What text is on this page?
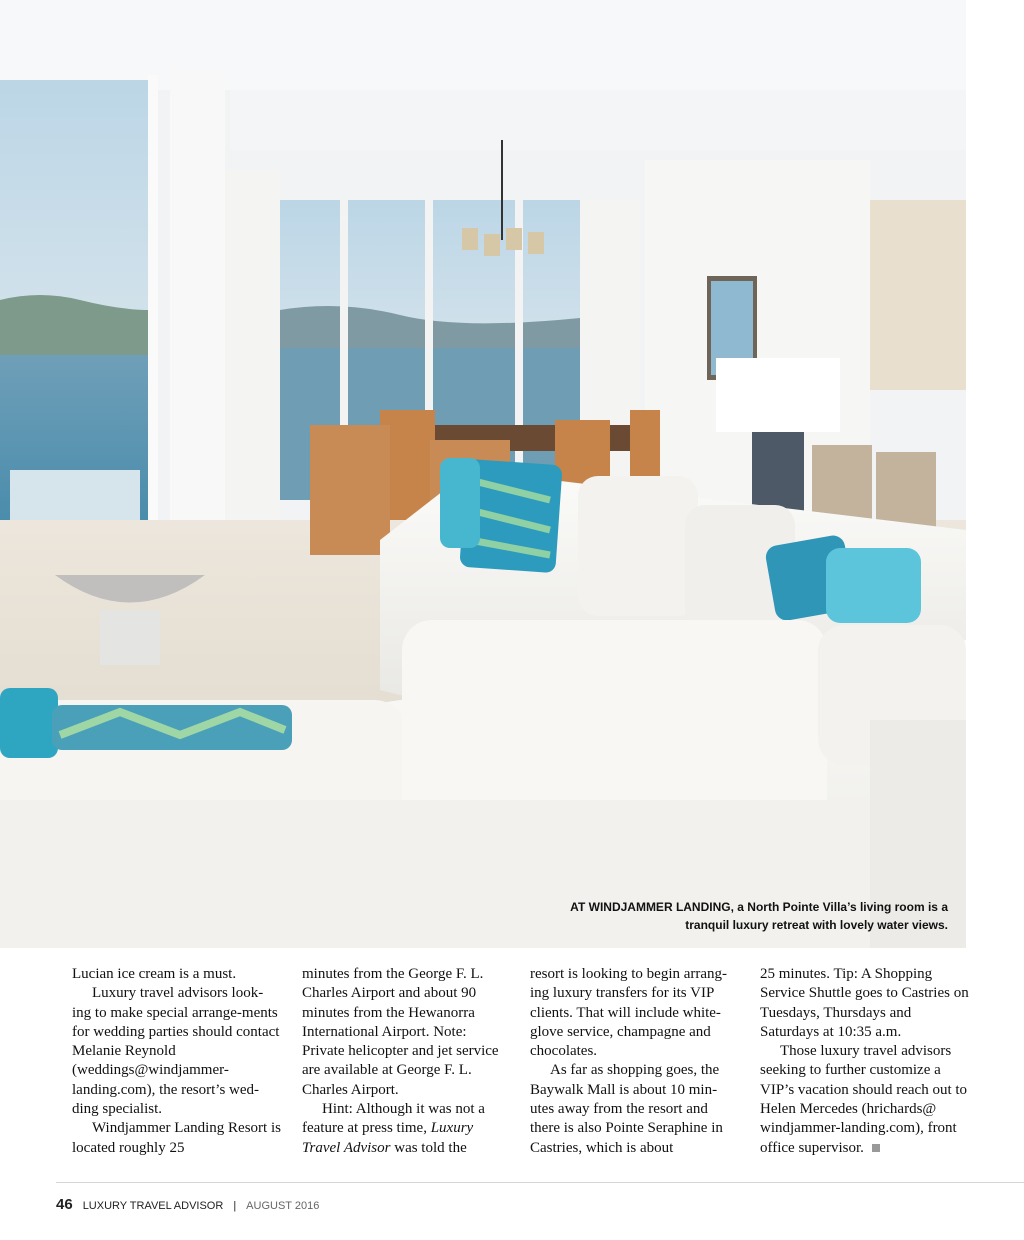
AT WINDJAMMER LANDING, a North Pointe Villa’s living room is a tranquil luxury retreat with lovely water views.

Lucian ice cream is a must.

Luxury travel advisors look-ing to make special arrange-ments for wedding parties should contact Melanie Reynold (weddings@windjammer-landing.com), the resort’s wed-ding specialist.

Windjammer Landing Resort is located roughly 25

minutes from the George F. L. Charles Airport and about 90 minutes from the Hewanorra International Airport. Note: Private helicopter and jet service are available at George F. L. Charles Airport.

Hint: Although it was not a feature at press time, Luxury Travel Advisor was told the

resort is looking to begin arrang-ing luxury transfers for its VIP clients. That will include white-glove service, champagne and chocolates.

As far as shopping goes, the Baywalk Mall is about 10 min-utes away from the resort and there is also Pointe Seraphine in Castries, which is about

25 minutes. Tip: A Shopping Service Shuttle goes to Castries on Tuesdays, Thursdays and Saturdays at 10:35 a.m.

Those luxury travel advisors seeking to further customize a VIP’s vacation should reach out to Helen Mercedes (hrichards@ windjammer-landing.com), front office supervisor.

46 LUXURY TRAVEL ADVISOR | AUGUST 2016
